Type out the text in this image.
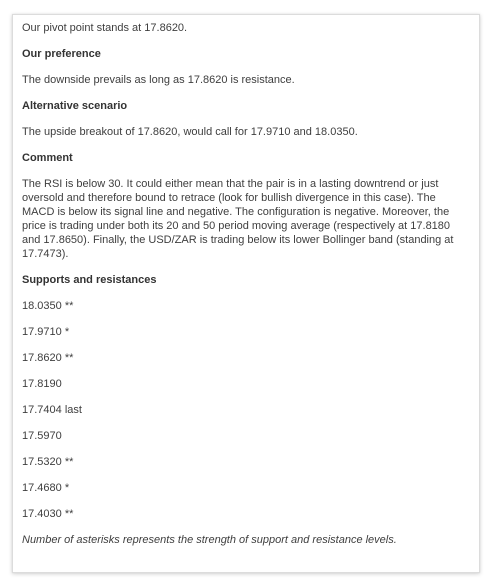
Our pivot point stands at 17.8620.

Our preference

The downside prevails as long as 17.8620 is resistance.

Alternative scenario

The upside breakout of 17.8620, would call for 17.9710 and 18.0350.

Comment

The RSI is below 30. It could either mean that the pair is in a lasting downtrend or just oversold and therefore bound to retrace (look for bullish divergence in this case). The MACD is below its signal line and negative. The configuration is negative. Moreover, the price is trading under both its 20 and 50 period moving average (respectively at 17.8180 and 17.8650). Finally, the USD/ZAR is trading below its lower Bollinger band (standing at 17.7473).

Supports and resistances
18.0350 **
17.9710 *
17.8620 **
17.8190
17.7404 last
17.5970
17.5320 **
17.4680 *
17.4030 **

Number of asterisks represents the strength of support and resistance levels.
